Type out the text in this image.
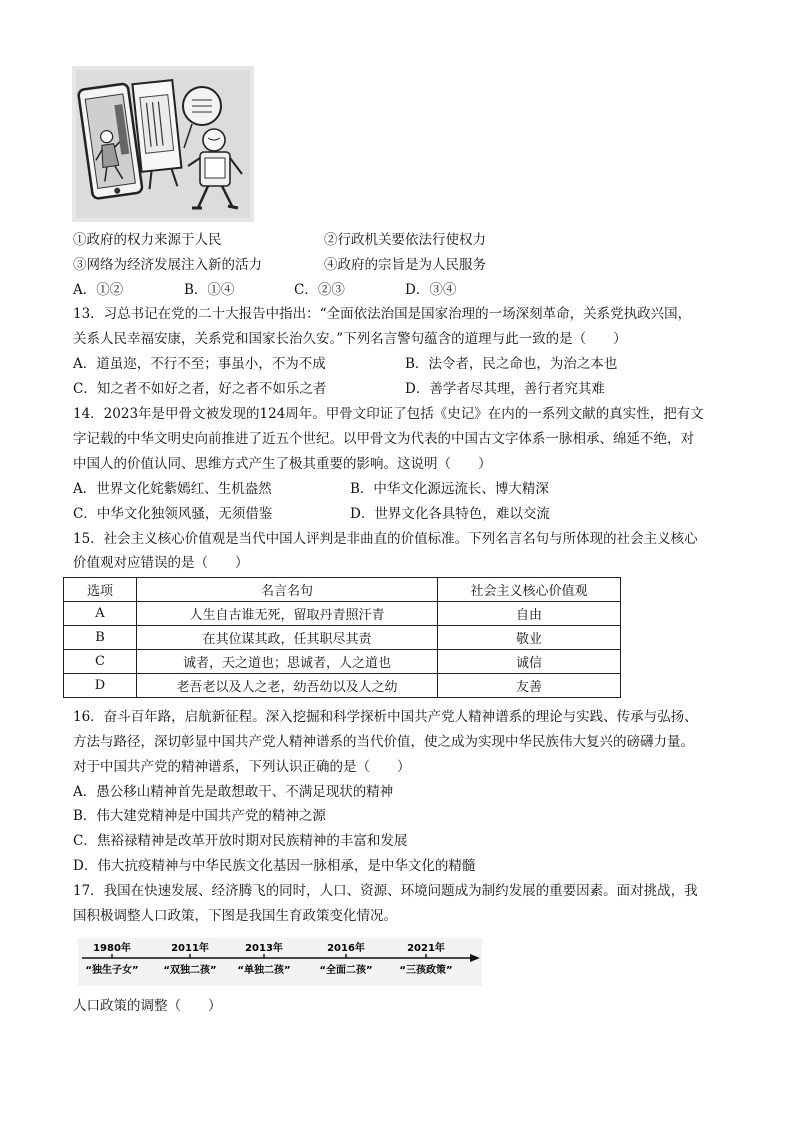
①政府的权力来源于人民	②行政机关要依法行使权力
③网络为经济发展注入新的活力	④政府的宗旨是为人民服务
A．①②	B．①④	C．②③	D．③④
13．习总书记在党的二十大报告中指出：“全面依法治国是国家治理的一场深刻革命，关系党执政兴国，
关系人民幸福安康，关系党和国家长治久安。”下列名言警句蕴含的道理与此一致的是（　　）
A．道虽迩，不行不至；事虽小，不为不成	B．法令者，民之命也，为治之本也
C．知之者不如好之者，好之者不如乐之者	D．善学者尽其理，善行者究其难
14．2023年是甲骨文被发现的124周年。甲骨文印证了包括《史记》在内的一系列文献的真实性，把有文
字记载的中华文明史向前推进了近五个世纪。以甲骨文为代表的中国古文字体系一脉相承、绵延不绝，对
中国人的价值认同、思维方式产生了极其重要的影响。这说明（　　）
A．世界文化姹紫嫣红、生机盎然	B．中华文化源远流长、博大精深
C．中华文化独领风骚，无须借鉴	D．世界文化各具特色，难以交流
15．社会主义核心价值观是当代中国人评判是非曲直的价值标准。下列名言名句与所体现的社会主义核心
价值观对应错误的是（　　）
选项	名言名句	社会主义核心价值观
A	人生自古谁无死，留取丹青照汗青	自由
B	在其位谋其政，任其职尽其责	敬业
C	诚者，天之道也；思诚者，人之道也	诚信
D	老吾老以及人之老，幼吾幼以及人之幼	友善
16．奋斗百年路，启航新征程。深入挖掘和科学探析中国共产党人精神谱系的理论与实践、传承与弘扬、
方法与路径，深切彰显中国共产党人精神谱系的当代价值，使之成为实现中华民族伟大复兴的磅礴力量。
对于中国共产党的精神谱系，下列认识正确的是（　　）
A．愚公移山精神首先是敢想敢干、不满足现状的精神
B．伟大建党精神是中国共产党的精神之源
C．焦裕禄精神是改革开放时期对民族精神的丰富和发展
D．伟大抗疫精神与中华民族文化基因一脉相承，是中华文化的精髓
17．我国在快速发展、经济腾飞的同时，人口、资源、环境问题成为制约发展的重要因素。面对挑战，我
国积极调整人口政策，下图是我国生育政策变化情况。
1980年
“独生子女”
2011年
“双独二孩”
2013年
“单独二孩”
2016年
“全面二孩”
2021年
“三孩政策”
人口政策的调整（　　）
